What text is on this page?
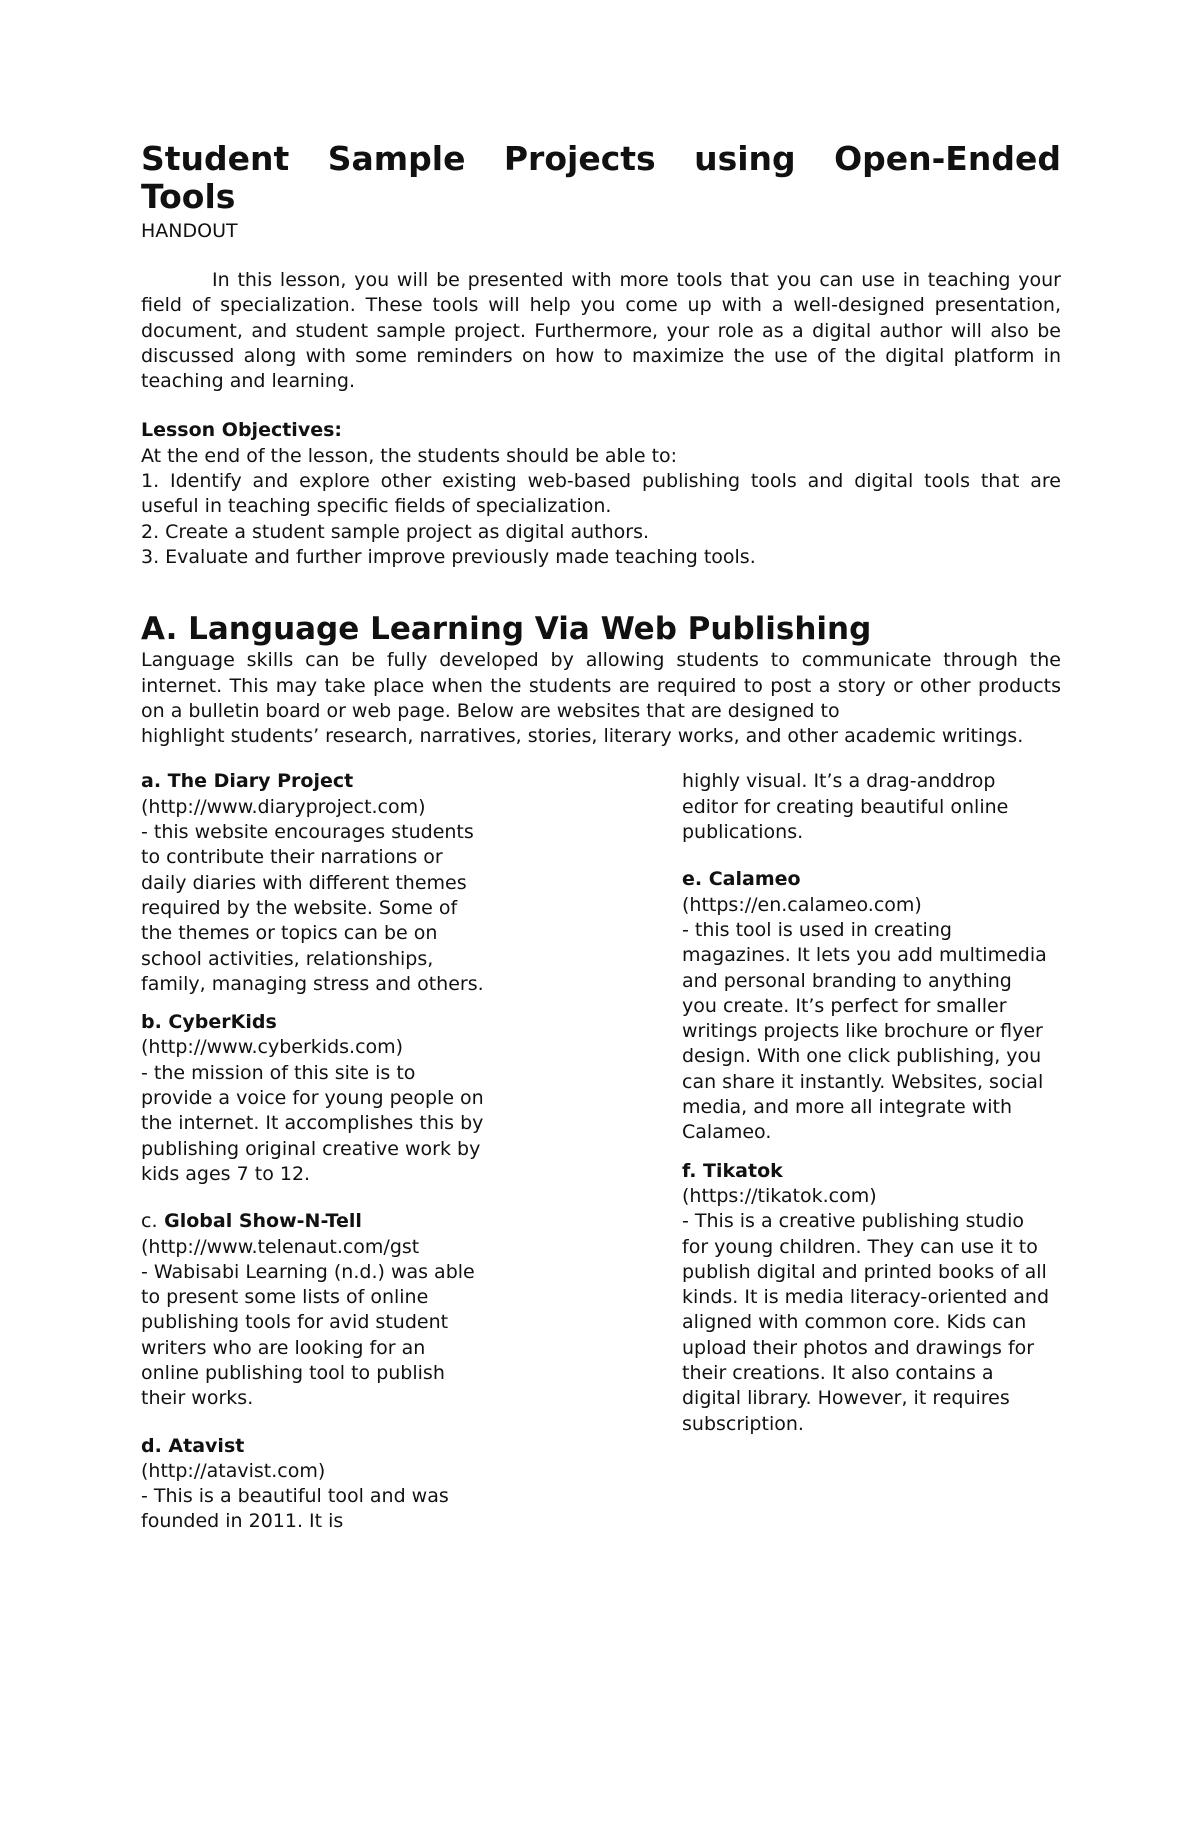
Student Sample Projects using Open-Ended
Tools
HANDOUT

In this lesson, you will be presented with more tools that you can use in teaching your field of specialization. These tools will help you come up with a well-designed presentation, document, and student sample project. Furthermore, your role as a digital author will also be discussed along with some reminders on how to maximize the use of the digital platform in teaching and learning.

Lesson Objectives:

At the end of the lesson, the students should be able to:

1. Identify and explore other existing web-based publishing tools and digital tools that are useful in teaching specific fields of specialization.

2. Create a student sample project as digital authors.

3. Evaluate and further improve previously made teaching tools.

A. Language Learning Via Web Publishing

Language skills can be fully developed by allowing students to communicate through the internet. This may take place when the students are required to post a story or other products on a bulletin board or web page. Below are websites that are designed to

highlight students’ research, narratives, stories, literary works, and other academic writings.

a. The Diary Project

(http://www.diaryproject.com)

- this website encourages students to contribute their narrations or daily diaries with different themes required by the website. Some of the themes or topics can be on school activities, relationships, family, managing stress and others.

b. CyberKids

(http://www.cyberkids.com)

- the mission of this site is to provide a voice for young people on the internet. It accomplishes this by publishing original creative work by kids ages 7 to 12.

c. Global Show-N-Tell

(http://www.telenaut.com/gst

- Wabisabi Learning (n.d.) was able to present some lists of online publishing tools for avid student writers who are looking for an online publishing tool to publish their works.

d. Atavist

(http://atavist.com)

- This is a beautiful tool and was founded in 2011. It is

highly visual. It’s a drag-anddrop editor for creating beautiful online publications.

e. Calameo

(https://en.calameo.com)

- this tool is used in creating magazines. It lets you add multimedia and personal branding to anything you create. It’s perfect for smaller writings projects like brochure or flyer design. With one click publishing, you can share it instantly. Websites, social media, and more all integrate with Calameo.

f. Tikatok

(https://tikatok.com)

- This is a creative publishing studio for young children. They can use it to publish digital and printed books of all kinds. It is media literacy-oriented and aligned with common core. Kids can upload their photos and drawings for their creations. It also contains a digital library. However, it requires subscription.
